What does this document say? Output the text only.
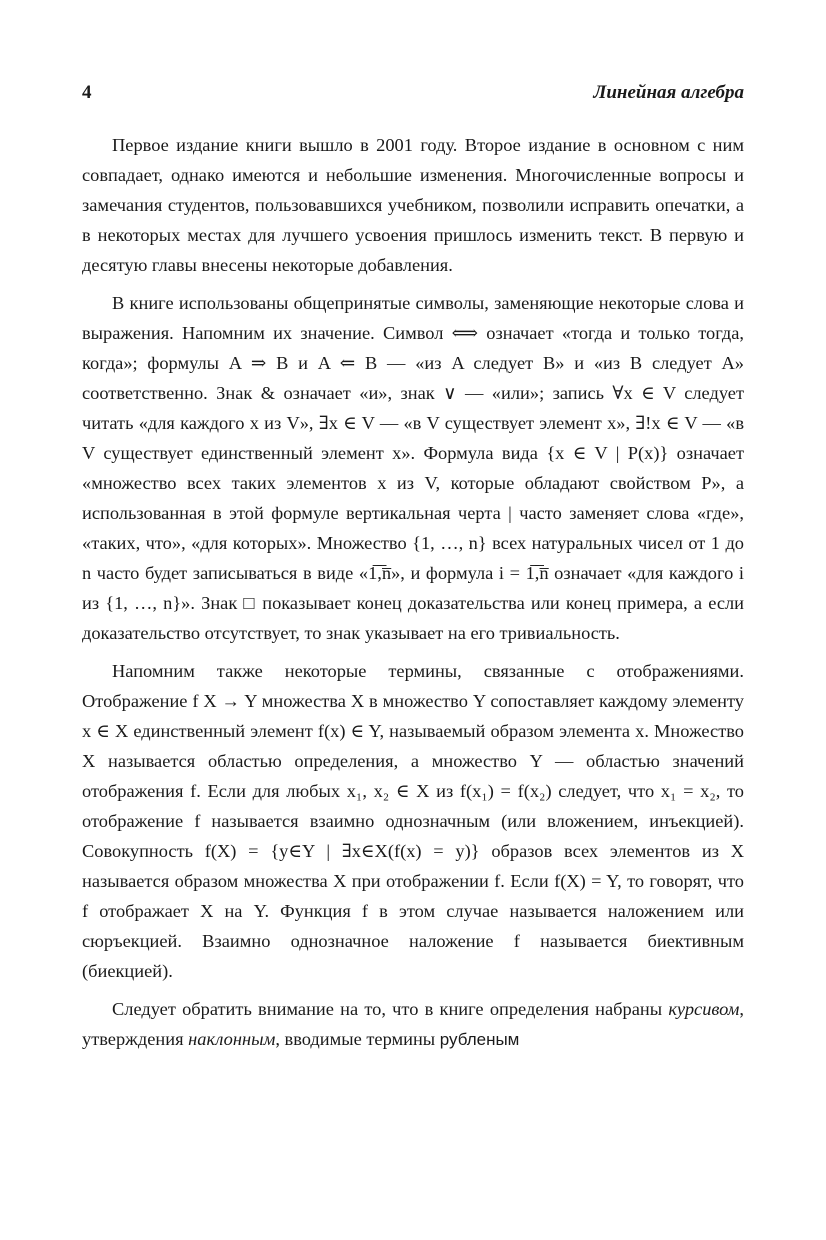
4	Линейная алгебра

Первое издание книги вышло в 2001 году. Второе издание в основном с ним совпадает, однако имеются и небольшие изменения. Многочисленные вопросы и замечания студентов, пользовавшихся учебником, позволили исправить опечатки, а в некоторых местах для лучшего усвоения пришлось изменить текст. В первую и десятую главы внесены некоторые добавления.

В книге использованы общепринятые символы, заменяющие некоторые слова и выражения. Напомним их значение. Символ ⟺ означает «тогда и только тогда, когда»; формулы A ⇒ B и A ⇐ B — «из A следует B» и «из B следует A» соответственно. Знак & означает «и», знак ∨ — «или»; запись ∀x ∈ V следует читать «для каждого x из V», ∃x ∈ V — «в V существует элемент x», ∃!x ∈ V — «в V существует единственный элемент x». Формула вида {x ∈ V | P(x)} означает «множество всех таких элементов x из V, которые обладают свойством P», а использованная в этой формуле вертикальная черта | часто заменяет слова «где», «таких, что», «для которых». Множество {1, …, n} всех натуральных чисел от 1 до n часто будет записываться в виде «1̅,̅n̅», и формула i = 1̅,̅n̅ означает «для каждого i из {1, …, n}». Знак □ показывает конец доказательства или конец примера, а если доказательство отсутствует, то знак указывает на его тривиальность.

Напомним также некоторые термины, связанные с отображениями. Отображение f X → Y множества X в множество Y сопоставляет каждому элементу x ∈ X единственный элемент f(x) ∈ Y, называемый образом элемента x. Множество X называется областью определения, а множество Y — областью значений отображения f. Если для любых x₁, x₂ ∈ X из f(x₁) = f(x₂) следует, что x₁ = x₂, то отображение f называется взаимно однозначным (или вложением, инъекцией). Совокупность f(X) = {y∈Y | ∃x∈X(f(x) = y)} образов всех элементов из X называется образом множества X при отображении f. Если f(X) = Y, то говорят, что f отображает X на Y. Функция f в этом случае называется наложением или сюръекцией. Взаимно однозначное наложение f называется биективным (биекцией).

Следует обратить внимание на то, что в книге определения набраны курсивом, утверждения наклонным, вводимые термины рубленым
